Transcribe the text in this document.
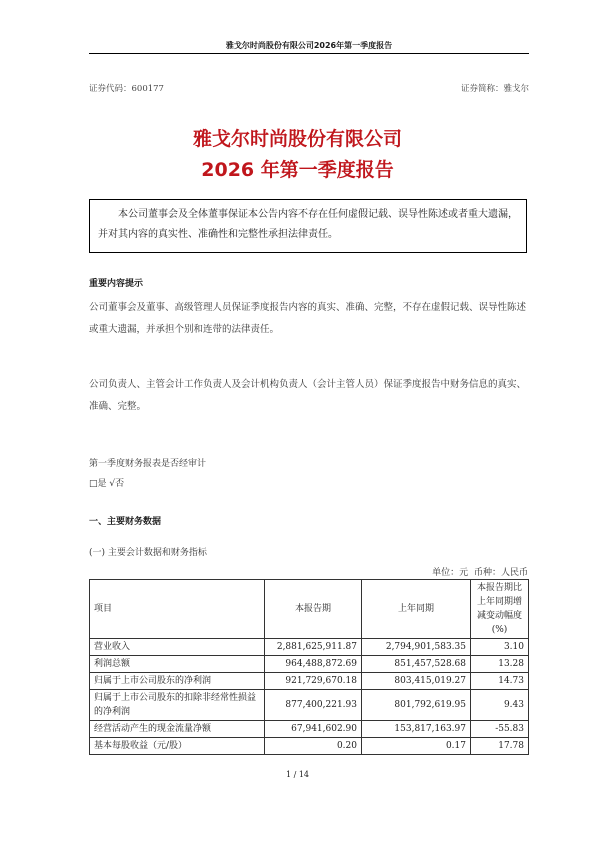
雅戈尔时尚股份有限公司2026年第一季度报告
证券代码：600177	证券简称：雅戈尔
雅戈尔时尚股份有限公司
2026 年第一季度报告
本公司董事会及全体董事保证本公告内容不存在任何虚假记载、误导性陈述或者重大遗漏，并对其内容的真实性、准确性和完整性承担法律责任。
重要内容提示
公司董事会及董事、高级管理人员保证季度报告内容的真实、准确、完整，不存在虚假记载、误导性陈述或重大遗漏，并承担个别和连带的法律责任。
公司负责人、主管会计工作负责人及会计机构负责人（会计主管人员）保证季度报告中财务信息的真实、准确、完整。
第一季度财务报表是否经审计
□是 √否
一、主要财务数据
(一) 主要会计数据和财务指标
单位：元 币种：人民币
项目	本报告期	上年同期	本报告期比上年同期增减变动幅度(%)
营业收入	2,881,625,911.87	2,794,901,583.35	3.10
利润总额	964,488,872.69	851,457,528.68	13.28
归属于上市公司股东的净利润	921,729,670.18	803,415,019.27	14.73
归属于上市公司股东的扣除非经常性损益的净利润	877,400,221.93	801,792,619.95	9.43
经营活动产生的现金流量净额	67,941,602.90	153,817,163.97	-55.83
基本每股收益（元/股）	0.20	0.17	17.78
1 / 14
